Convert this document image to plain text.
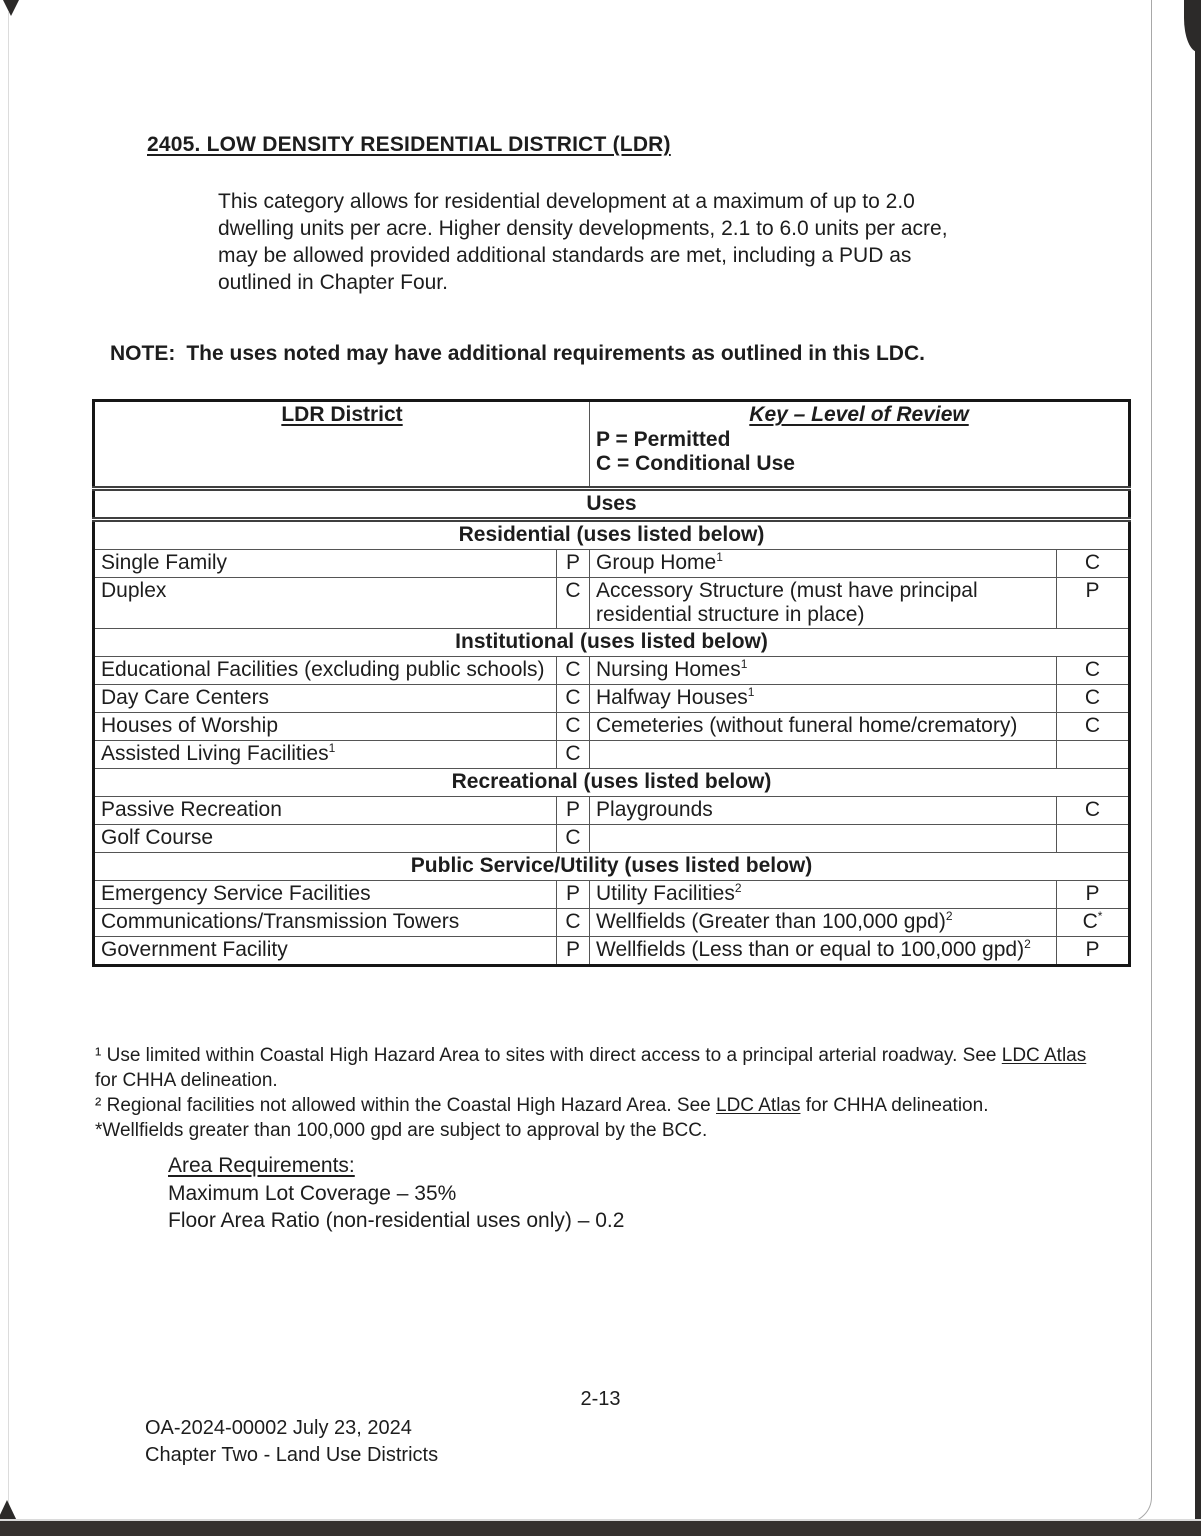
2405. LOW DENSITY RESIDENTIAL DISTRICT (LDR)
This category allows for residential development at a maximum of up to 2.0
dwelling units per acre. Higher density developments, 2.1 to 6.0 units per acre,
may be allowed provided additional standards are met, including a PUD as
outlined in Chapter Four.
NOTE: The uses noted may have additional requirements as outlined in this LDC.
LDR District		Key – Level of Review
P = Permitted
C = Conditional Use	

Uses			
Residential (uses listed below)			
Single Family	P	Group Home$^1$	C
Duplex	C	Accessory Structure (must have principal residential structure in place)	P
Institutional (uses listed below)			
Educational Facilities (excluding public schools)	C	Nursing Homes$^1$	C
Day Care Centers	C	Halfway Houses$^1$	C
Houses of Worship	C	Cemeteries (without funeral home/crematory)	C
Assisted Living Facilities$^1$	C		
Recreational (uses listed below)			
Passive Recreation	P	Playgrounds	C
Golf Course	C		
Public Service/Utility (uses listed below)			
Emergency Service Facilities	P	Utility Facilities$^2$	P
Communications/Transmission Towers	C	Wellfields (Greater than 100,000 gpd)$^2$	C*
Government Facility	P	Wellfields (Less than or equal to 100,000 gpd)$^2$	P
¹ Use limited within Coastal High Hazard Area to sites with direct access to a principal arterial roadway. See LDC Atlas for CHHA delineation.
² Regional facilities not allowed within the Coastal High Hazard Area. See LDC Atlas for CHHA delineation.
*Wellfields greater than 100,000 gpd are subject to approval by the BCC.
Area Requirements:
Maximum Lot Coverage – 35%
Floor Area Ratio (non-residential uses only) – 0.2
2-13
OA-2024-00002 July 23, 2024
Chapter Two - Land Use Districts
